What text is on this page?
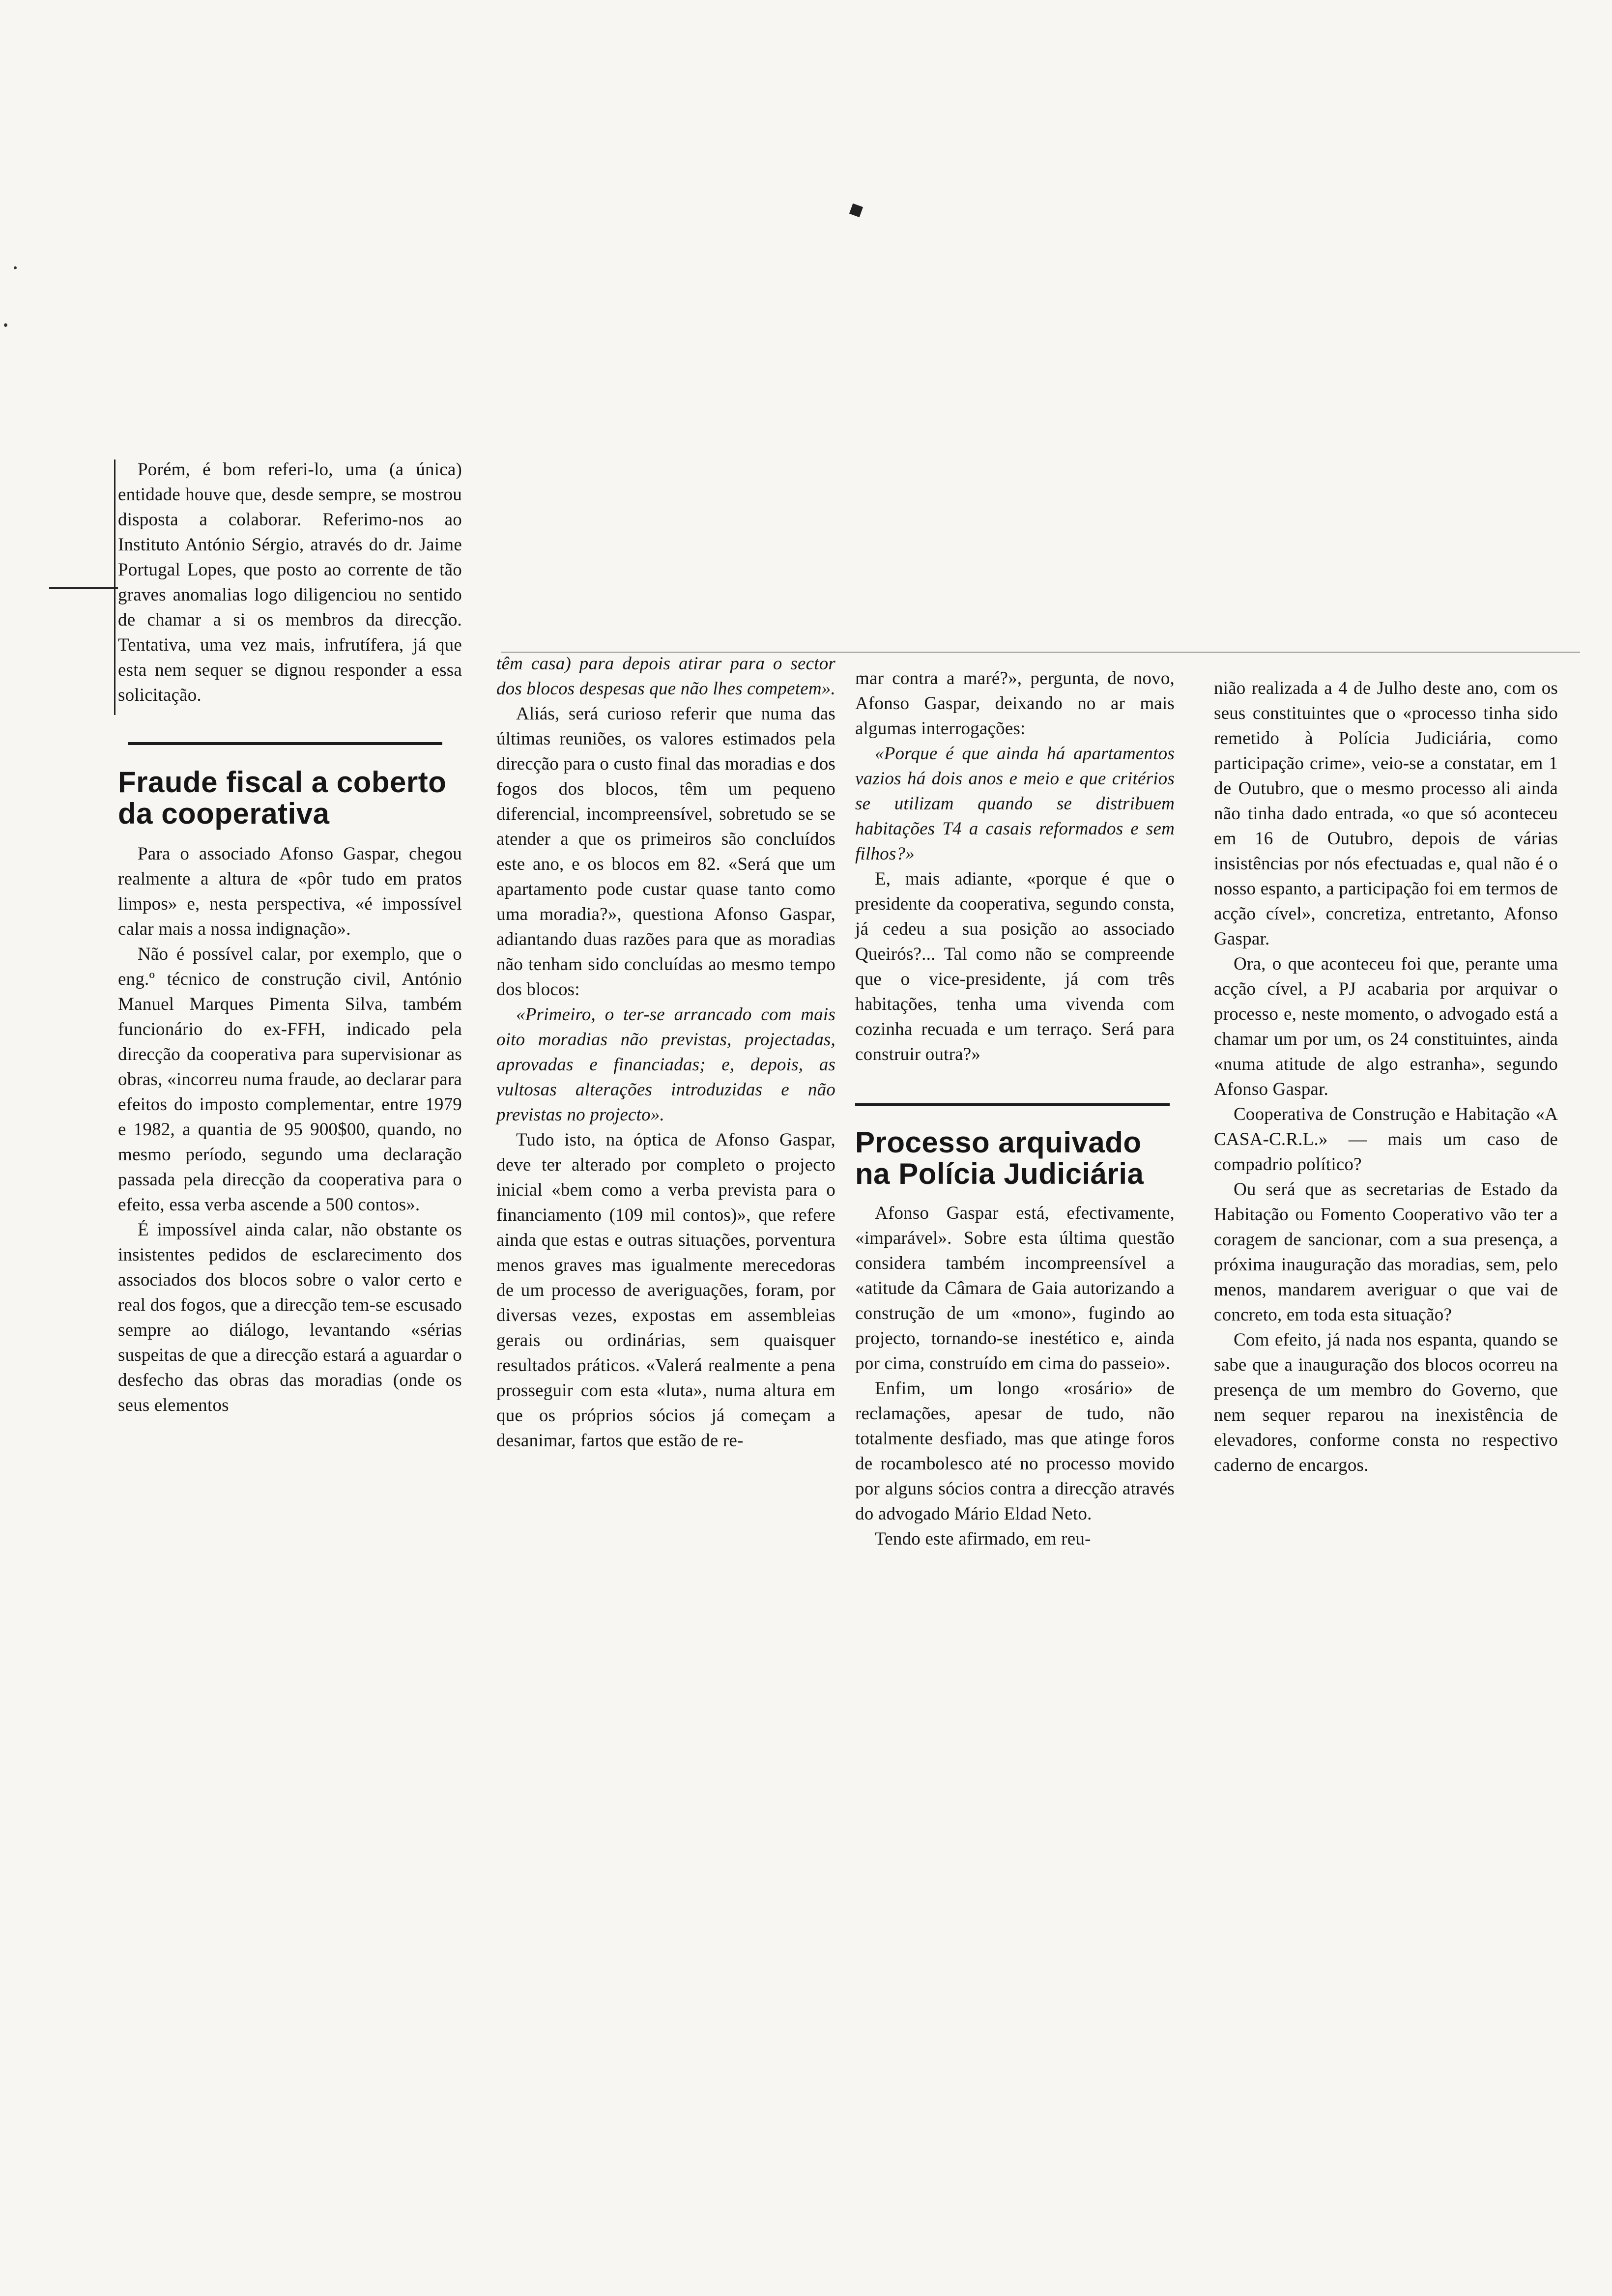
Porém, é bom referi-lo, uma (a única) entidade houve que, desde sempre, se mostrou disposta a colaborar. Referimo-nos ao Instituto António Sérgio, através do dr. Jaime Portugal Lopes, que posto ao corrente de tão graves anomalias logo diligenciou no sentido de chamar a si os membros da direcção. Tentativa, uma vez mais, infrutífera, já que esta nem sequer se dignou responder a essa solicitação.

Fraude fiscal a coberto da cooperativa

Para o associado Afonso Gaspar, chegou realmente a altura de «pôr tudo em pratos limpos» e, nesta perspectiva, «é impossível calar mais a nossa indignação».

Não é possível calar, por exemplo, que o eng.º técnico de construção civil, António Manuel Marques Pimenta Silva, também funcionário do ex-FFH, indicado pela direcção da cooperativa para supervisionar as obras, «incorreu numa fraude, ao declarar para efeitos do imposto complementar, entre 1979 e 1982, a quantia de 95 900$00, quando, no mesmo período, segundo uma declaração passada pela direcção da cooperativa para o efeito, essa verba ascende a 500 contos».

É impossível ainda calar, não obstante os insistentes pedidos de esclarecimento dos associados dos blocos sobre o valor certo e real dos fogos, que a direcção tem-se escusado sempre ao diálogo, levantando «sérias suspeitas de que a direcção estará a aguardar o desfecho das obras das moradias (onde os seus elementos

têm casa) para depois atirar para o sector dos blocos despesas que não lhes competem».

Aliás, será curioso referir que numa das últimas reuniões, os valores estimados pela direcção para o custo final das moradias e dos fogos dos blocos, têm um pequeno diferencial, incompreensível, sobretudo se se atender a que os primeiros são concluídos este ano, e os blocos em 82. «Será que um apartamento pode custar quase tanto como uma moradia?», questiona Afonso Gaspar, adiantando duas razões para que as moradias não tenham sido concluídas ao mesmo tempo dos blocos:

«Primeiro, o ter-se arrancado com mais oito moradias não previstas, projectadas, aprovadas e financiadas; e, depois, as vultosas alterações introduzidas e não previstas no projecto».

Tudo isto, na óptica de Afonso Gaspar, deve ter alterado por completo o projecto inicial «bem como a verba prevista para o financiamento (109 mil contos)», que refere ainda que estas e outras situações, porventura menos graves mas igualmente merecedoras de um processo de averiguações, foram, por diversas vezes, expostas em assembleias gerais ou ordinárias, sem quaisquer resultados práticos. «Valerá realmente a pena prosseguir com esta «luta», numa altura em que os próprios sócios já começam a desanimar, fartos que estão de re-

mar contra a maré?», pergunta, de novo, Afonso Gaspar, deixando no ar mais algumas interrogações:

«Porque é que ainda há apartamentos vazios há dois anos e meio e que critérios se utilizam quando se distribuem habitações T4 a casais reformados e sem filhos?»

E, mais adiante, «porque é que o presidente da cooperativa, segundo consta, já cedeu a sua posição ao associado Queirós?... Tal como não se compreende que o vice-presidente, já com três habitações, tenha uma vivenda com cozinha recuada e um terraço. Será para construir outra?»

Processo arquivado na Polícia Judiciária

Afonso Gaspar está, efectivamente, «imparável». Sobre esta última questão considera também incompreensível a «atitude da Câmara de Gaia autorizando a construção de um «mono», fugindo ao projecto, tornando-se inestético e, ainda por cima, construído em cima do passeio».

Enfim, um longo «rosário» de reclamações, apesar de tudo, não totalmente desfiado, mas que atinge foros de rocambolesco até no processo movido por alguns sócios contra a direcção através do advogado Mário Eldad Neto.

Tendo este afirmado, em reu-

nião realizada a 4 de Julho deste ano, com os seus constituintes que o «processo tinha sido remetido à Polícia Judiciária, como participação crime», veio-se a constatar, em 1 de Outubro, que o mesmo processo ali ainda não tinha dado entrada, «o que só aconteceu em 16 de Outubro, depois de várias insistências por nós efectuadas e, qual não é o nosso espanto, a participação foi em termos de acção cível», concretiza, entretanto, Afonso Gaspar.

Ora, o que aconteceu foi que, perante uma acção cível, a PJ acabaria por arquivar o processo e, neste momento, o advogado está a chamar um por um, os 24 constituintes, ainda «numa atitude de algo estranha», segundo Afonso Gaspar.

Cooperativa de Construção e Habitação «A CASA-C.R.L.» — mais um caso de compadrio político?

Ou será que as secretarias de Estado da Habitação ou Fomento Cooperativo vão ter a coragem de sancionar, com a sua presença, a próxima inauguração das moradias, sem, pelo menos, mandarem averiguar o que vai de concreto, em toda esta situação?

Com efeito, já nada nos espanta, quando se sabe que a inauguração dos blocos ocorreu na presença de um membro do Governo, que nem sequer reparou na inexistência de elevadores, conforme consta no respectivo caderno de encargos.
